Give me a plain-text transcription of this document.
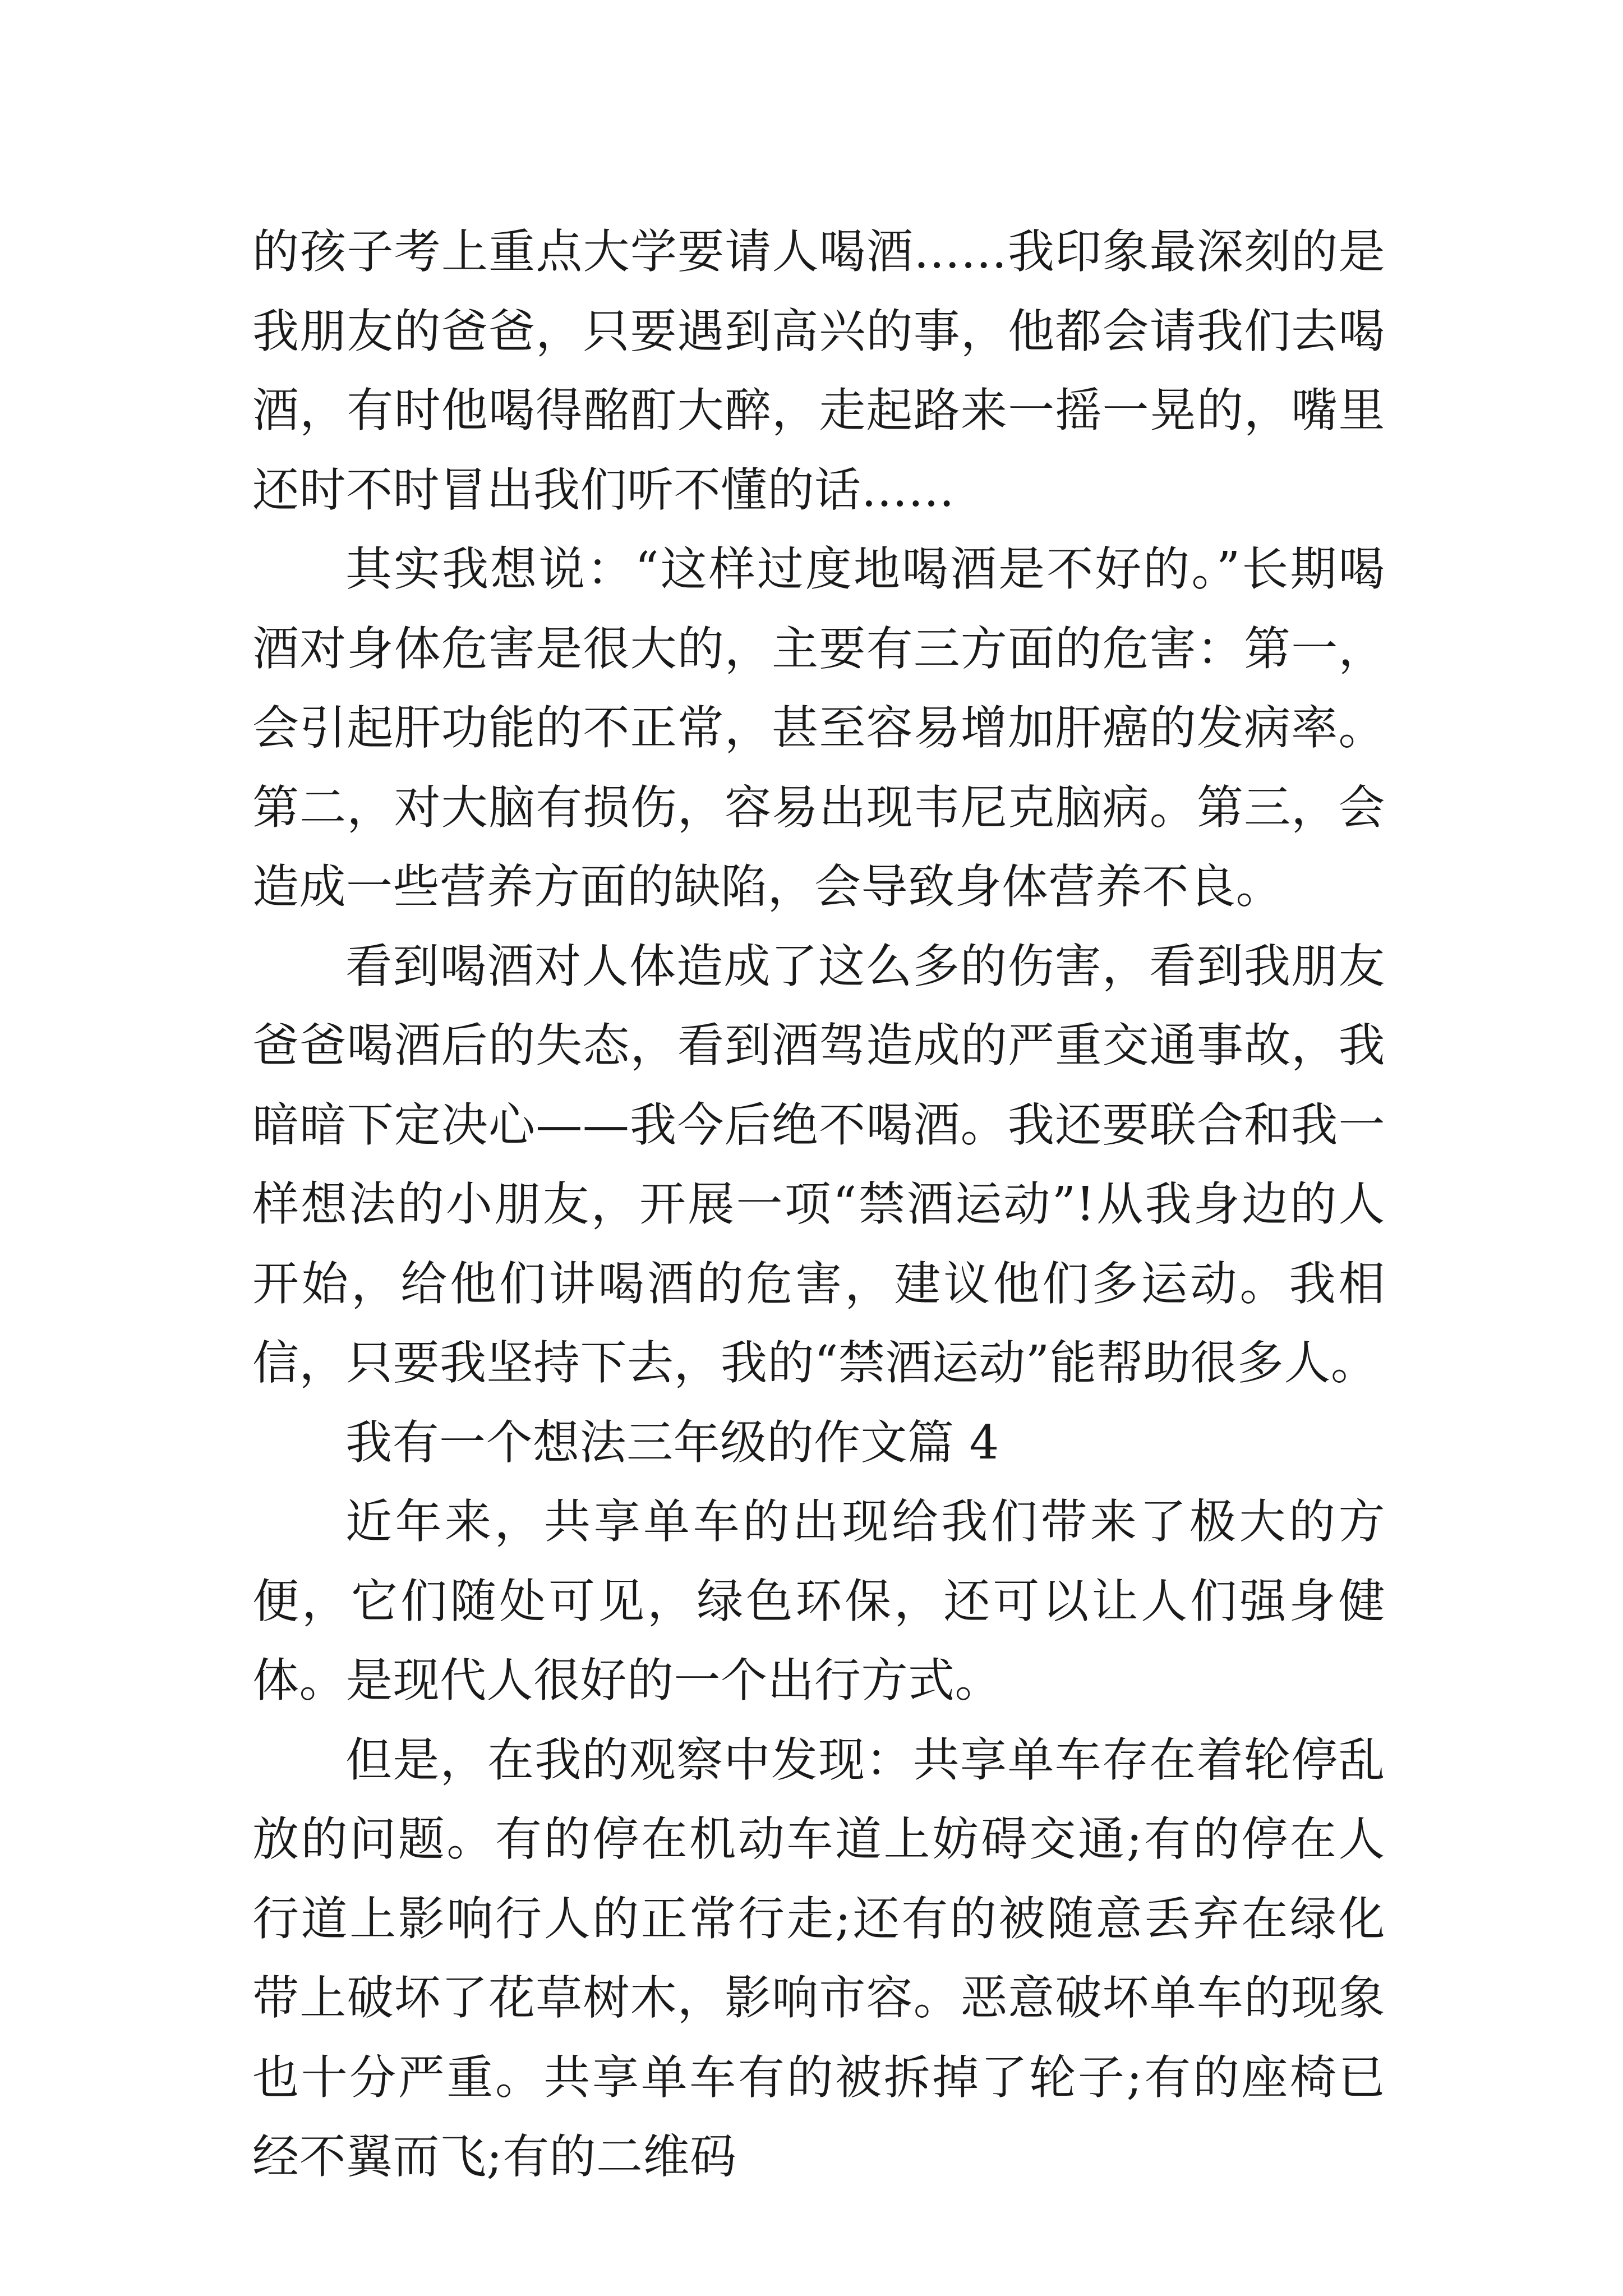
的孩子考上重点大学要请人喝酒……我印象最深刻的是我朋友的爸爸，只要遇到高兴的事，他都会请我们去喝酒，有时他喝得酩酊大醉，走起路来一摇一晃的，嘴里还时不时冒出我们听不懂的话……

其实我想说：“这样过度地喝酒是不好的。”长期喝酒对身体危害是很大的，主要有三方面的危害：第一，会引起肝功能的不正常，甚至容易增加肝癌的发病率。第二，对大脑有损伤，容易出现韦尼克脑病。第三，会造成一些营养方面的缺陷，会导致身体营养不良。

看到喝酒对人体造成了这么多的伤害，看到我朋友爸爸喝酒后的失态，看到酒驾造成的严重交通事故，我暗暗下定决心——我今后绝不喝酒。我还要联合和我一样想法的小朋友，开展一项“禁酒运动”!从我身边的人开始，给他们讲喝酒的危害，建议他们多运动。我相信，只要我坚持下去，我的“禁酒运动”能帮助很多人。

我有一个想法三年级的作文篇 4

近年来，共享单车的出现给我们带来了极大的方便，它们随处可见，绿色环保，还可以让人们强身健体。是现代人很好的一个出行方式。

但是，在我的观察中发现：共享单车存在着轮停乱放的问题。有的停在机动车道上妨碍交通;有的停在人行道上影响行人的正常行走;还有的被随意丢弃在绿化带上破坏了花草树木，影响市容。恶意破坏单车的现象也十分严重。共享单车有的被拆掉了轮子;有的座椅已经不翼而飞;有的二维码
